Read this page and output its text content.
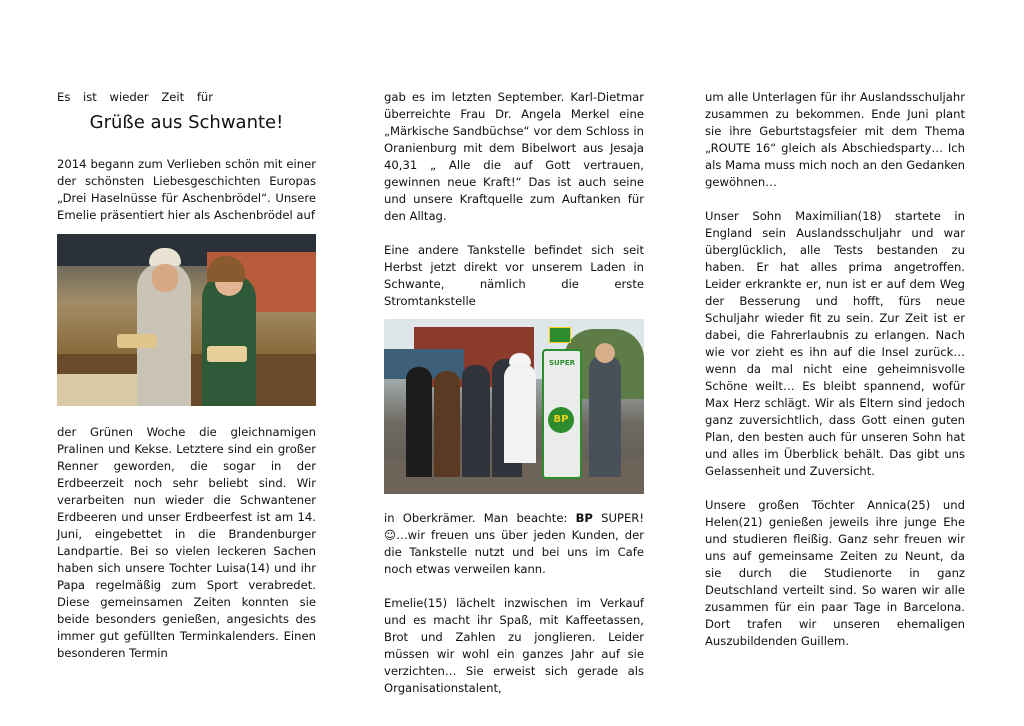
Es ist wieder Zeit für

Grüße aus Schwante!

2014 begann zum Verlieben schön mit einer der schönsten Liebesgeschichten Europas „Drei Haselnüsse für Aschenbrödel“. Unsere Emelie präsentiert hier als Aschenbrödel auf

der Grünen Woche die gleichnamigen Pralinen und Kekse. Letztere sind ein großer Renner geworden, die sogar in der Erdbeerzeit noch sehr beliebt sind. Wir verarbeiten nun wieder die Schwantener Erdbeeren und unser Erdbeerfest ist am 14. Juni, eingebettet in die Brandenburger Landpartie. Bei so vielen leckeren Sachen haben sich unsere Tochter Luisa(14) und ihr Papa regelmäßig zum Sport verabredet. Diese gemeinsamen Zeiten konnten sie beide besonders genießen, angesichts des immer gut gefüllten Terminkalenders. Einen besonderen Termin

gab es im letzten September. Karl-Dietmar überreichte Frau Dr. Angela Merkel eine „Märkische Sandbüchse“ vor dem Schloss in Oranienburg mit dem Bibelwort aus Jesaja 40,31 „ Alle die auf Gott vertrauen, gewinnen neue Kraft!“ Das ist auch seine und unsere Kraftquelle zum Auftanken für den Alltag.

Eine andere Tankstelle befindet sich seit Herbst jetzt direkt vor unserem Laden in Schwante, nämlich die erste Stromtankstelle

SUPER
BP

in Oberkrämer. Man beachte: BP SUPER! ☺…wir freuen uns über jeden Kunden, der die Tankstelle nutzt und bei uns im Cafe noch etwas verweilen kann.

Emelie(15) lächelt inzwischen im Verkauf und es macht ihr Spaß, mit Kaffeetassen, Brot und Zahlen zu jonglieren. Leider müssen wir wohl ein ganzes Jahr auf sie verzichten… Sie erweist sich gerade als Organisationstalent,

um alle Unterlagen für ihr Auslandsschuljahr zusammen zu bekommen. Ende Juni plant sie ihre Geburtstagsfeier mit dem Thema „ROUTE 16“ gleich als Abschiedsparty… Ich als Mama muss mich noch an den Gedanken gewöhnen…

Unser Sohn Maximilian(18) startete in England sein Auslandsschuljahr und war überglücklich, alle Tests bestanden zu haben. Er hat alles prima angetroffen. Leider erkrankte er, nun ist er auf dem Weg der Besserung und hofft, fürs neue Schuljahr wieder fit zu sein. Zur Zeit ist er dabei, die Fahrerlaubnis zu erlangen. Nach wie vor zieht es ihn auf die Insel zurück… wenn da mal nicht eine geheimnisvolle Schöne weilt… Es bleibt spannend, wofür Max Herz schlägt. Wir als Eltern sind jedoch ganz zuversichtlich, dass Gott einen guten Plan, den besten auch für unseren Sohn hat und alles im Überblick behält. Das gibt uns Gelassenheit und Zuversicht.

Unsere großen Töchter Annica(25) und Helen(21) genießen jeweils ihre junge Ehe und studieren fleißig. Ganz sehr freuen wir uns auf gemeinsame Zeiten zu Neunt, da sie durch die Studienorte in ganz Deutschland verteilt sind. So waren wir alle zusammen für ein paar Tage in Barcelona. Dort trafen wir unseren ehemaligen Auszubildenden Guillem.
